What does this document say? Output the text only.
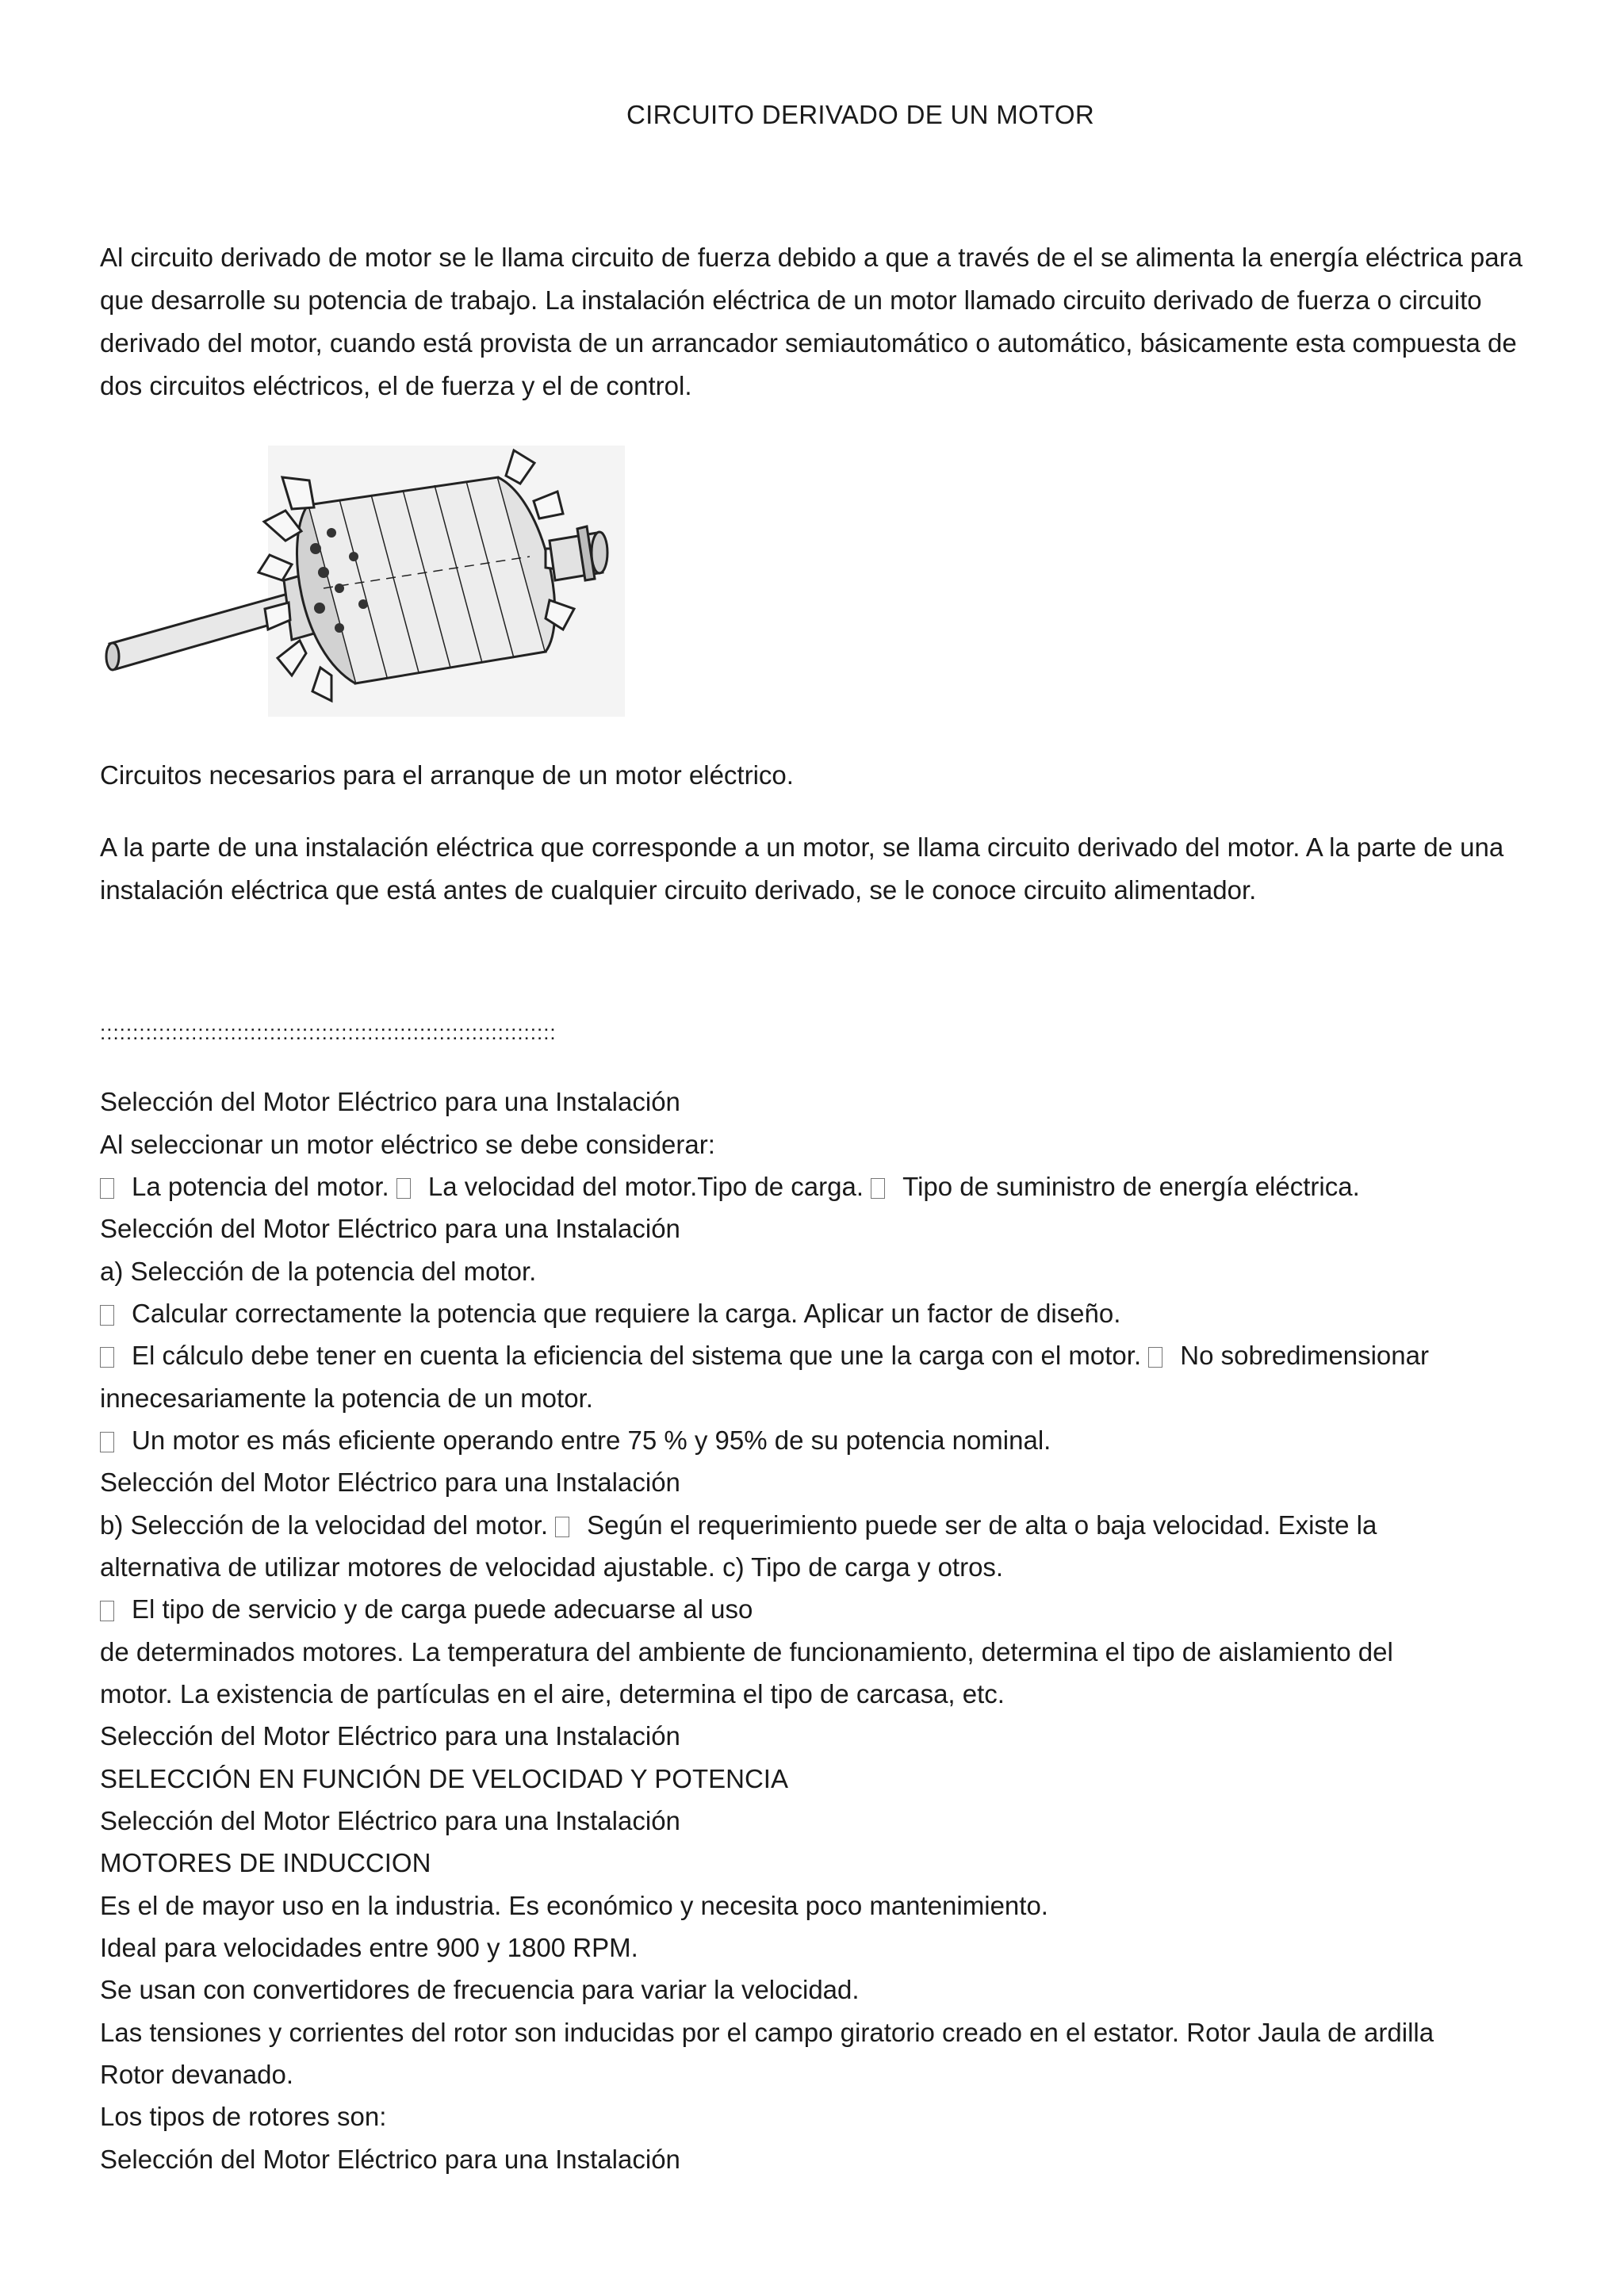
CIRCUITO DERIVADO DE UN MOTOR
Al circuito derivado de motor se le llama circuito de fuerza debido a que a través de el se alimenta la energía eléctrica para que desarrolle su potencia de trabajo. La instalación eléctrica de un motor llamado circuito derivado de fuerza o circuito derivado del motor, cuando está provista de un arrancador semiautomático o automático, básicamente esta compuesta de dos circuitos eléctricos, el de fuerza y el de control.
Circuitos necesarios para el arranque de un motor eléctrico.
A la parte de una instalación eléctrica que corresponde a un motor, se llama circuito derivado del motor. A la parte de una instalación eléctrica que está antes de cualquier circuito derivado, se le conoce circuito alimentador.
::::::::::::::::::::::::::::::::::::::::::::::::::::::::::::::::::::::
Selección del Motor Eléctrico para una Instalación
Al seleccionar un motor eléctrico se debe considerar:
La potencia del motor. La velocidad del motor.Tipo de carga. Tipo de suministro de energía eléctrica.
Selección del Motor Eléctrico para una Instalación
a) Selección de la potencia del motor.
Calcular correctamente la potencia que requiere la carga. Aplicar un factor de diseño.
El cálculo debe tener en cuenta la eficiencia del sistema que une la carga con el motor. No sobredimensionar
innecesariamente la potencia de un motor.
Un motor es más eficiente operando entre 75 % y 95% de su potencia nominal.
Selección del Motor Eléctrico para una Instalación
b) Selección de la velocidad del motor. Según el requerimiento puede ser de alta o baja velocidad. Existe la
alternativa de utilizar motores de velocidad ajustable. c) Tipo de carga y otros.
El tipo de servicio y de carga puede adecuarse al uso
de determinados motores. La temperatura del ambiente de funcionamiento, determina el tipo de aislamiento del
motor. La existencia de partículas en el aire, determina el tipo de carcasa, etc.
Selección del Motor Eléctrico para una Instalación
SELECCIÓN EN FUNCIÓN DE VELOCIDAD Y POTENCIA
Selección del Motor Eléctrico para una Instalación
MOTORES DE INDUCCION
Es el de mayor uso en la industria. Es económico y necesita poco mantenimiento.
Ideal para velocidades entre 900 y 1800 RPM.
Se usan con convertidores de frecuencia para variar la velocidad.
Las tensiones y corrientes del rotor son inducidas por el campo giratorio creado en el estator. Rotor Jaula de ardilla
Rotor devanado.
Los tipos de rotores son:
Selección del Motor Eléctrico para una Instalación
